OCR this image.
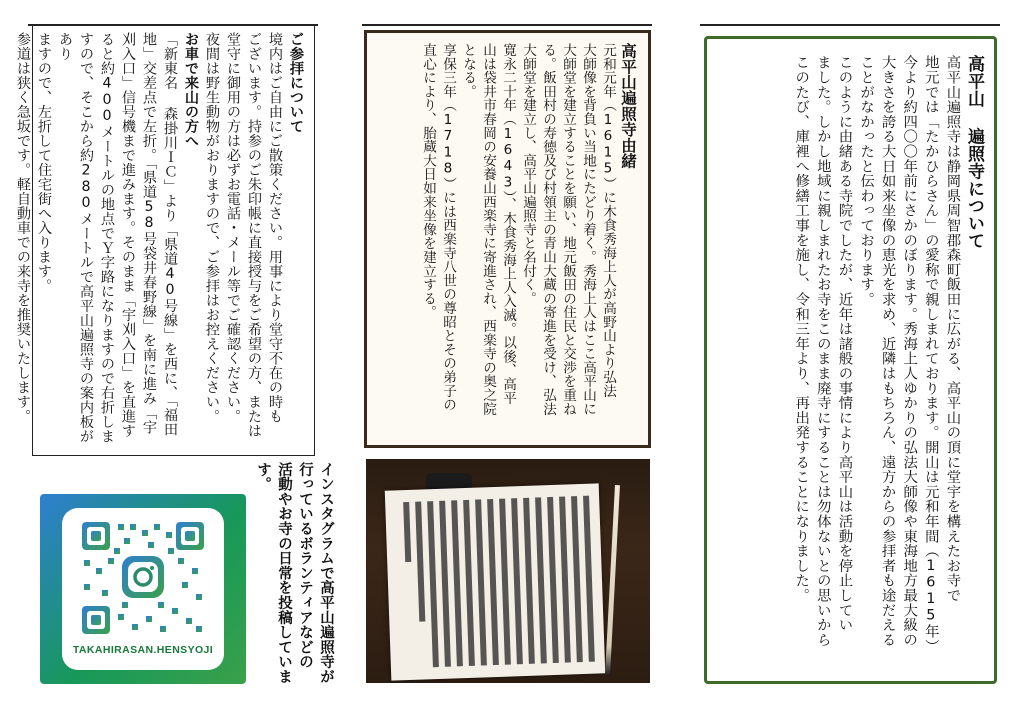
ご参拝について
境内はご自由にご散策ください。用事により堂守不在の時も
ございます。持参のご朱印帳に直接授与をご希望の方、または
堂守に御用の方は必ずお電話・メール等でご確認ください。
夜間は野生動物がおりますので、ご参拝はお控えください。
お車で来山の方へ
「新東名 森掛川ＩＣ」より「県道40号線」を西に、「福田
地」交差点で左折。「県道58号袋井春野線」を南に進み「宇
刈入口」信号機まで進みます。そのまま「宇刈入口」を直進す
ると約400メートルの地点でＹ字路になりますので右折しま
すので、そこから約280メートルで高平山遍照寺の案内板があり
ますので、左折して住宅街へ入ります。
参道は狭く急坂です。軽自動車での来寺を推奨いたします。
TAKAHIRASAN.HENSYOJI	インスタグラムで高平山遍照寺が
行っているボランティアなどの
活動やお寺の日常を投稿していま
す。
高平山遍照寺由緒
元和元年（1615）に木食秀海上人が高野山より弘法
大師像を背負い当地にたどり着く。秀海上人はここ高平山に
大師堂を建立することを願い、地元飯田の住民と交渉を重ね
る。飯田村の寿徳及び村領主の青山大蔵の寄進を受け、弘法
大師堂を建立し、高平山遍照寺と名付く。
寛永二十年（1643）、木食秀海上人入滅。以後、高平
山は袋井市春岡の安養山西楽寺に寄進され、西楽寺の奥之院
となる。
享保三年（1718）には西楽寺八世の尊昭とその弟子の
直心により、胎蔵大日如来坐像を建立する。	高平山 遍照寺について
高平山遍照寺は静岡県周智郡森町飯田に広がる、高平山の頂に堂宇を構えたお寺で
地元では「たかひらさん」の愛称で親しまれております。開山は元和年間（1615年）
今より約四〇〇年前にさかのぼります。秀海上人ゆかりの弘法大師像や東海地方最大級の
大きさを誇る大日如来坐像の恵光を求め、近隣はもちろん、遠方からの参拝者も途だえる
ことがなかったと伝わっております。
このように由緒ある寺院でしたが、近年は諸般の事情により高平山は活動を停止してい
ました。しかし地域に親しまれたお寺をこのまま廃寺にすることは勿体ないとの思いから
このたび、庫裡へ修繕工事を施し、令和三年より、再出発することになりました。
